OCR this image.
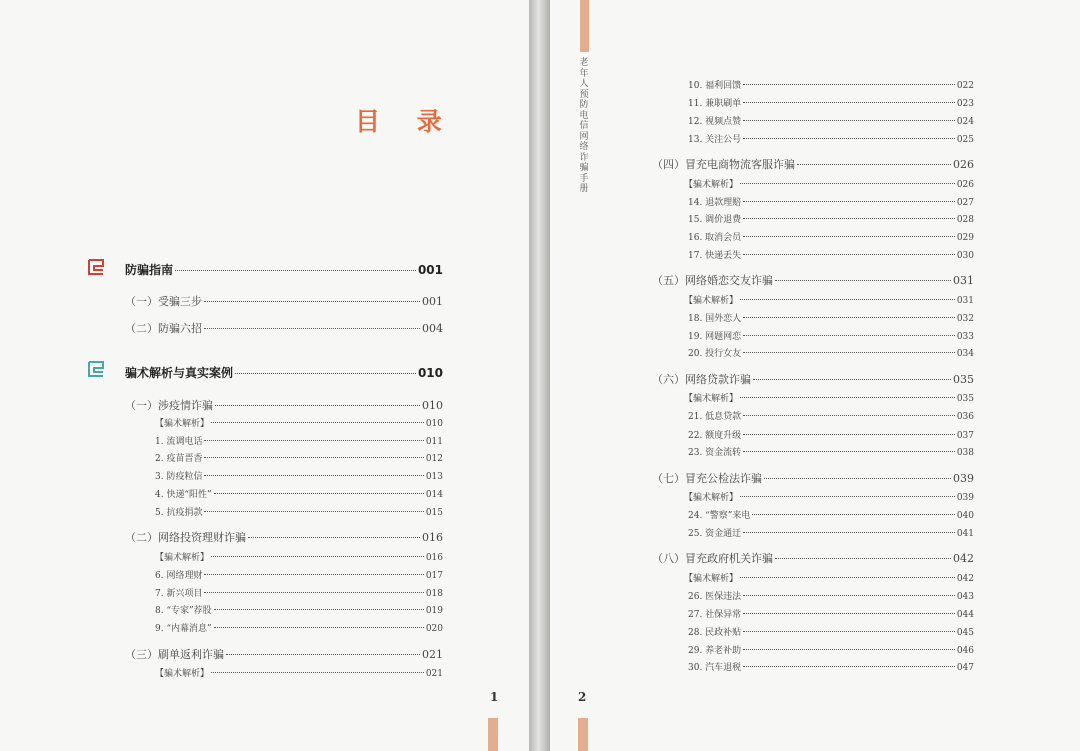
目 录
1	2
老年人预防电信网络诈骗手册
防骗指南	001
（一）受骗三步	001
（二）防骗六招	004
骗术解析与真实案例	010
（一）涉疫情诈骗	010
【骗术解析】	010
1. 流调电话	011
2. 疫苗晋香	012
3. 防疫粒信	013
4. 快递“阳性”	014
5. 抗疫捐款	015
（二）网络投资理财诈骗	016
【骗术解析】	016
6. 网络理财	017
7. 新兴项目	018
8. “专家”荐股	019
9. “内幕消息”	020
（三）刷单返利诈骗	021
【骗术解析】	021
10. 福利回馈	022
11. 兼职刷单	023
12. 视频点赞	024
13. 关注公号	025
（四）冒充电商物流客服诈骗	026
【骗术解析】	026
14. 退款理赔	027
15. 调价退费	028
16. 取消会员	029
17. 快递丢失	030
（五）网络婚恋交友诈骗	031
【骗术解析】	031
18. 国外恋人	032
19. 网题网恋	033
20. 投行女友	034
（六）网络贷款诈骗	035
【骗术解析】	035
21. 低息贷款	036
22. 额度升级	037
23. 资金流转	038
（七）冒充公检法诈骗	039
【骗术解析】	039
24. “警察”来电	040
25. 资金通迂	041
（八）冒充政府机关诈骗	042
【骗术解析】	042
26. 医保违法	043
27. 社保异常	044
28. 民政补贴	045
29. 养老补助	046
30. 汽车退税	047
